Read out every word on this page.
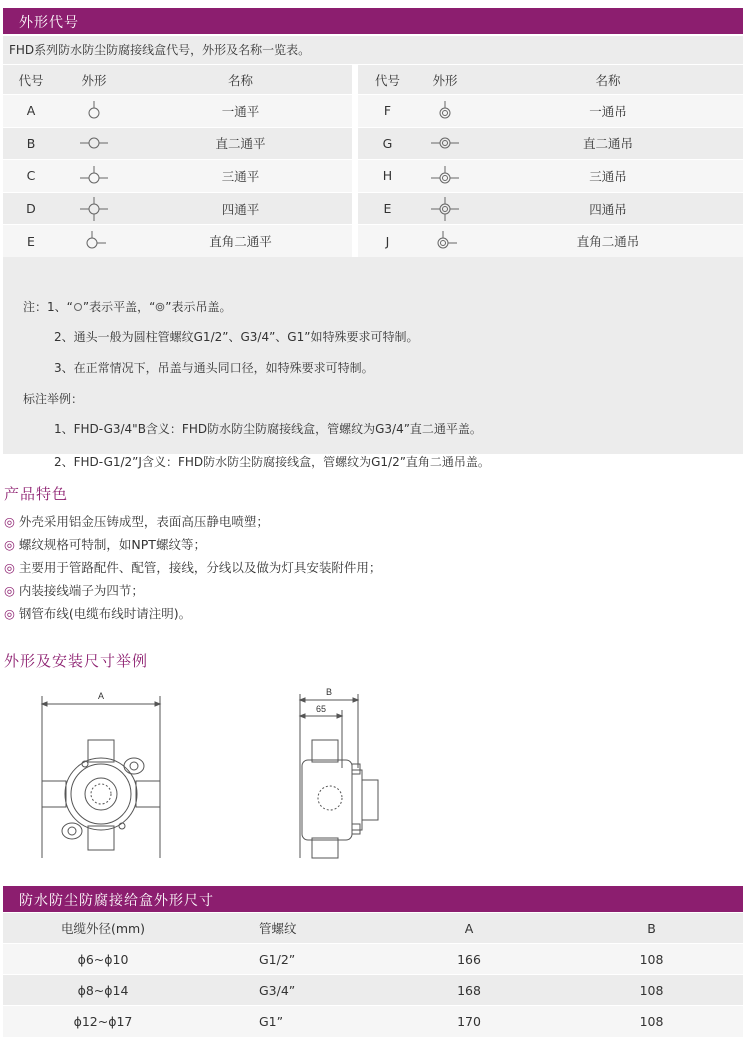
外形代号
FHD系列防水防尘防腐接线盒代号，外形及名称一览表。
代号	外形	名称	代号	外形	名称
A		一通平	F		一通吊
B		直二通平	G		直二通吊
C		三通平	H		三通吊
D		四通平	E		四通吊
E		直角二通平	J		直角二通吊
注：1、“ ”表示平盖，“ ”表示吊盖。
2、通头一般为圆柱管螺纹G1/2”、G3/4”、G1”如特殊要求可特制。
3、在正常情况下，吊盖与通头同口径，如特殊要求可特制。
标注举例：
1、FHD-G3/4"B含义：FHD防水防尘防腐接线盒，管螺纹为G3/4”直二通平盖。
2、FHD-G1/2”J含义：FHD防水防尘防腐接线盒，管螺纹为G1/2”直角二通吊盖。
产品特色
◎ 外壳采用铝金压铸成型，表面高压静电喷塑；
◎ 螺纹规格可特制，如NPT螺纹等；
◎ 主要用于管路配件、配管，接线，分线以及做为灯具安装附件用；
◎ 内装接线端子为四节；
◎ 钢管布线(电缆布线时请注明)。
外形及安装尺寸举例
A	B
65
防水防尘防腐接给盒外形尺寸
电缆外径(mm)	管螺纹	A	B
ϕ6~ϕ10	G1/2”	166	108
ϕ8~ϕ14	G3/4”	168	108
ϕ12~ϕ17	G1”	170	108
